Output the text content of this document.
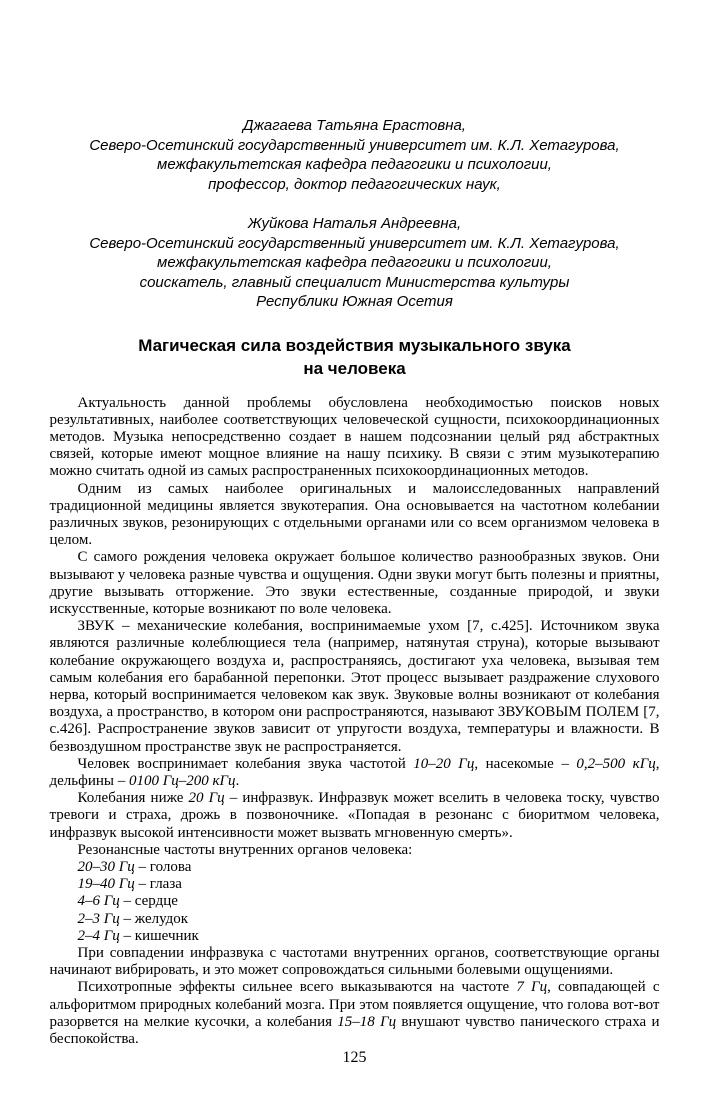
Джагаева Татьяна Ерастовна,
Северо-Осетинский государственный университет им. К.Л. Хетагурова,
межфакультетская кафедра педагогики и психологии,
профессор, доктор педагогических наук,
Жуйкова Наталья Андреевна,
Северо-Осетинский государственный университет им. К.Л. Хетагурова,
межфакультетская кафедра педагогики и психологии,
соискатель, главный специалист Министерства культуры
Республики Южная Осетия
Магическая сила воздействия музыкального звука
на человека

Актуальность данной проблемы обусловлена необходимостью поисков новых результативных, наиболее соответствующих человеческой сущности, психокоординационных методов. Музыка непосредственно создает в нашем подсознании целый ряд абстрактных связей, которые имеют мощное влияние на нашу психику. В связи с этим музыкотерапию можно считать одной из самых распространенных психокоординационных методов.

Одним из самых наиболее оригинальных и малоисследованных направлений традиционной медицины является звукотерапия. Она основывается на частотном колебании различных звуков, резонирующих с отдельными органами или со всем организмом человека в целом.

С самого рождения человека окружает большое количество разнообразных звуков. Они вызывают у человека разные чувства и ощущения. Одни звуки могут быть полезны и приятны, другие вызывать отторжение. Это звуки естественные, созданные природой, и звуки искусственные, которые возникают по воле человека.

ЗВУК – механические колебания, воспринимаемые ухом [7, с.425]. Источником звука являются различные колеблющиеся тела (например, натянутая струна), которые вызывают колебание окружающего воздуха и, распространяясь, достигают уха человека, вызывая тем самым колебания его барабанной перепонки. Этот процесс вызывает раздражение слухового нерва, который воспринимается человеком как звук. Звуковые волны возникают от колебания воздуха, а пространство, в котором они распространяются, называют ЗВУКОВЫМ ПОЛЕМ [7, с.426]. Распространение звуков зависит от упругости воздуха, температуры и влажности. В безвоздушном пространстве звук не распространяется.

Человек воспринимает колебания звука частотой 10–20 Гц, насекомые – 0,2–500 кГц, дельфины – 0100 Гц–200 кГц.

Колебания ниже 20 Гц – инфразвук. Инфразвук может вселить в человека тоску, чувство тревоги и страха, дрожь в позвоночнике. «Попадая в резонанс с биоритмом человека, инфразвук высокой интенсивности может вызвать мгновенную смерть».

Резонансные частоты внутренних органов человека:

20–30 Гц – голова

19–40 Гц – глаза

4–6 Гц – сердце

2–3 Гц – желудок

2–4 Гц – кишечник

При совпадении инфразвука с частотами внутренних органов, соответствующие органы начинают вибрировать, и это может сопровождаться сильными болевыми ощущениями.

Психотропные эффекты сильнее всего выказываются на частоте 7 Гц, совпадающей с альфоритмом природных колебаний мозга. При этом появляется ощущение, что голова вот-вот разорвется на мелкие кусочки, а колебания 15–18 Гц внушают чувство панического страха и беспокойства.

125
